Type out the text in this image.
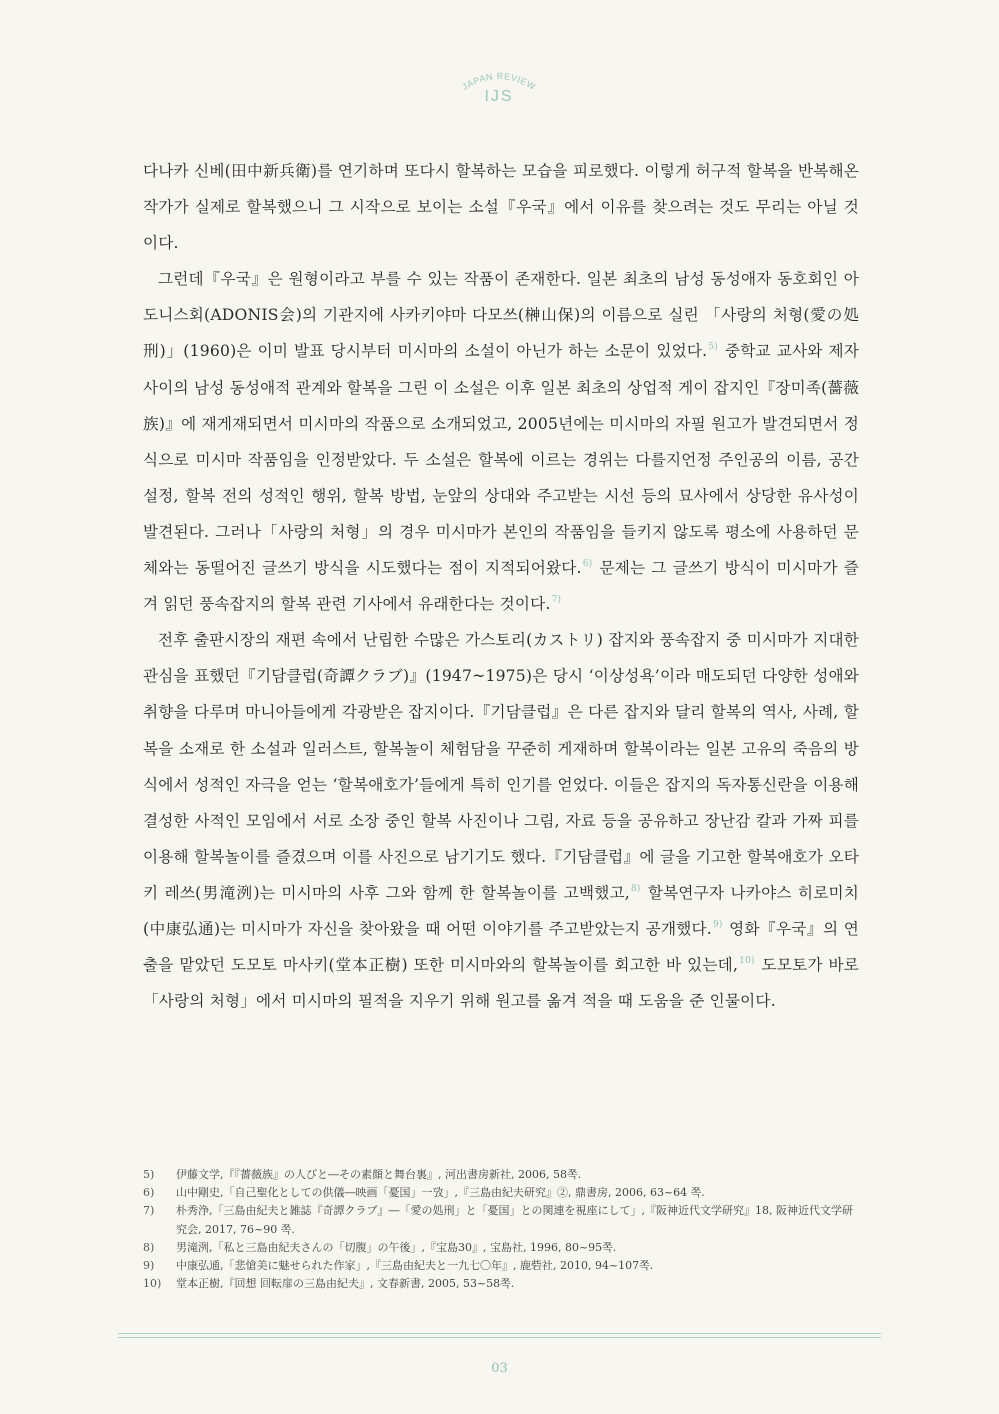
JAPAN REVIEW
IJS

다나카 신베(田中新兵衛)를 연기하며 또다시 할복하는 모습을 피로했다. 이렇게 허구적 할복을 반복해온 작가가 실제로 할복했으니 그 시작으로 보이는 소설『우국』에서 이유를 찾으려는 것도 무리는 아닐 것이다.

그런데『우국』은 원형이라고 부를 수 있는 작품이 존재한다. 일본 최초의 남성 동성애자 동호회인 아도니스회(ADONIS会)의 기관지에 사카키야마 다모쓰(榊山保)의 이름으로 실린 「사랑의 처형(愛の処刑)」(1960)은 이미 발표 당시부터 미시마의 소설이 아닌가 하는 소문이 있었다.$^{5)}$ 중학교 교사와 제자 사이의 남성 동성애적 관계와 할복을 그린 이 소설은 이후 일본 최초의 상업적 게이 잡지인『장미족(薔薇族)』에 재게재되면서 미시마의 작품으로 소개되었고, 2005년에는 미시마의 자필 원고가 발견되면서 정식으로 미시마 작품임을 인정받았다. 두 소설은 할복에 이르는 경위는 다를지언정 주인공의 이름, 공간 설정, 할복 전의 성적인 행위, 할복 방법, 눈앞의 상대와 주고받는 시선 등의 묘사에서 상당한 유사성이 발견된다. 그러나「사랑의 처형」의 경우 미시마가 본인의 작품임을 들키지 않도록 평소에 사용하던 문체와는 동떨어진 글쓰기 방식을 시도했다는 점이 지적되어왔다.$^{6)}$ 문제는 그 글쓰기 방식이 미시마가 즐겨 읽던 풍속잡지의 할복 관련 기사에서 유래한다는 것이다.$^{7)}$

전후 출판시장의 재편 속에서 난립한 수많은 가스토리(カストリ) 잡지와 풍속잡지 중 미시마가 지대한 관심을 표했던『기담클럽(奇譚クラブ)』(1947~1975)은 당시 ‘이상성욕’이라 매도되던 다양한 성애와 취향을 다루며 마니아들에게 각광받은 잡지이다.『기담클럽』은 다른 잡지와 달리 할복의 역사, 사례, 할복을 소재로 한 소설과 일러스트, 할복놀이 체험담을 꾸준히 게재하며 할복이라는 일본 고유의 죽음의 방식에서 성적인 자극을 얻는 ‘할복애호가’들에게 특히 인기를 얻었다. 이들은 잡지의 독자통신란을 이용해 결성한 사적인 모임에서 서로 소장 중인 할복 사진이나 그림, 자료 등을 공유하고 장난감 칼과 가짜 피를 이용해 할복놀이를 즐겼으며 이를 사진으로 남기기도 했다.『기담클럽』에 글을 기고한 할복애호가 오타키 레쓰(男滝洌)는 미시마의 사후 그와 함께 한 할복놀이를 고백했고,$^{8)}$ 할복연구자 나카야스 히로미치(中康弘通)는 미시마가 자신을 찾아왔을 때 어떤 이야기를 주고받았는지 공개했다.$^{9)}$ 영화『우국』의 연출을 맡았던 도모토 마사키(堂本正樹) 또한 미시마와의 할복놀이를 회고한 바 있는데,$^{10)}$ 도모토가 바로「사랑의 처형」에서 미시마의 필적을 지우기 위해 원고를 옮겨 적을 때 도움을 준 인물이다.

5)	伊藤文学,『『薔薇族』の人びと―その素顔と舞台裏』, 河出書房新社, 2006, 58쪽.
6)	山中剛史,「自己聖化としての供儀―映画「憂国」一攷」,『三島由紀夫研究』②, 鼎書房, 2006, 63~64 쪽.
7)	朴秀浄,「三島由紀夫と雑誌『奇譚クラブ』―「愛の処刑」と「憂国」との関連を視座にして」,『阪神近代文学研究』18, 阪神近代文学研究会, 2017, 76~90 쪽.
8)	男滝洌,「私と三島由紀夫さんの「切腹」の午後」,『宝島30』, 宝島社, 1996, 80~95쪽.
9)	中康弘通,「悲愴美に魅せられた作家」,『三島由紀夫と一九七〇年』, 鹿砦社, 2010, 94~107쪽.
10)	堂本正樹,『回想 回転扉の三島由紀夫』, 文春新書, 2005, 53~58쪽.
03
